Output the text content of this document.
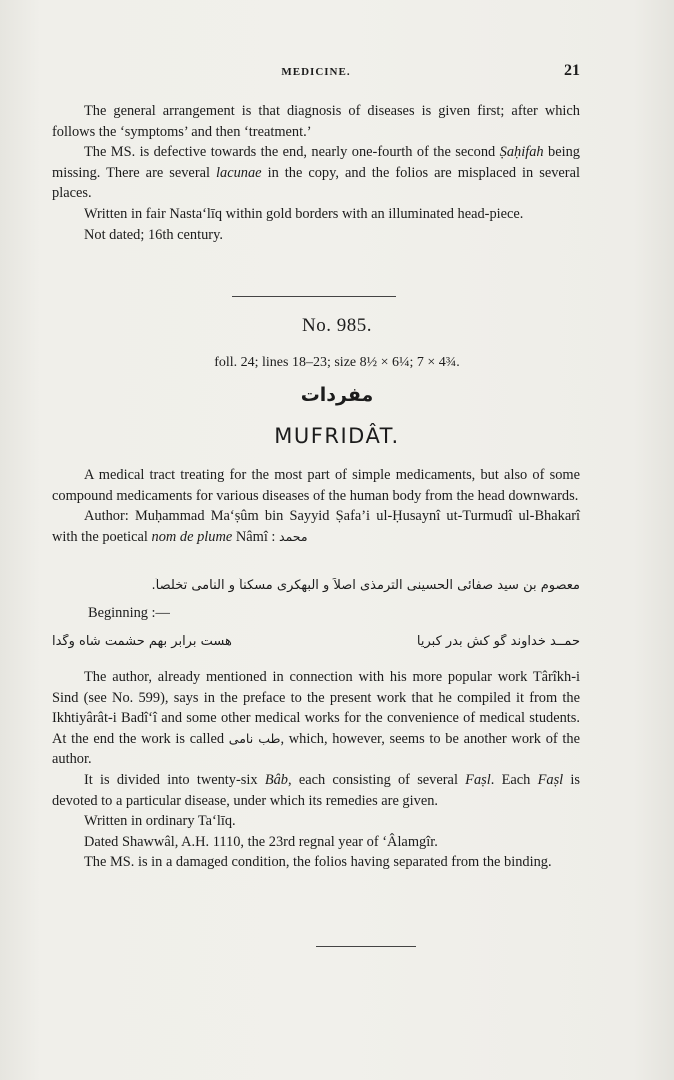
MEDICINE.	21

The general arrangement is that diagnosis of diseases is given first; after which follows the ‘symptoms’ and then ‘treatment.’

The MS. is defective towards the end, nearly one-fourth of the second Ṣaḥifah being missing. There are several lacunae in the copy, and the folios are misplaced in several places.

Written in fair Nasta‘līq within gold borders with an illuminated head-piece.

Not dated; 16th century.

No. 985.
foll. 24; lines 18–23; size 8½ × 6¼; 7 × 4¾.
مفردات
MUFRIDÂT.

A medical tract treating for the most part of simple medicaments, but also of some compound medicaments for various diseases of the human body from the head downwards.

Author: Muḥammad Ma‘ṣûm bin Sayyid Ṣafa’i ul-Ḥusaynî ut-Turmudî ul-Bhakarî with the poetical nom de plume Nâmî : محمد

معصوم بن سید صفائی الحسینی الترمذی اصلاً و البهکری مسکناً و النامی تخلصاً.
Beginning :—
حمــد خداوند گو کش بدر کبریا
هست برابر بهم حشمت شاه وگدا

The author, already mentioned in connection with his more popular work Târîkh-i Sind (see No. 599), says in the preface to the present work that he compiled it from the Ikhtiyârât-i Badî‘î and some other medical works for the convenience of medical students. At the end the work is called طب نامی, which, however, seems to be another work of the author.

It is divided into twenty-six Bâb, each consisting of several Faṣl. Each Faṣl is devoted to a particular disease, under which its remedies are given.

Written in ordinary Ta‘līq.

Dated Shawwâl, A.H. 1110, the 23rd regnal year of ‘Âlamgîr.

The MS. is in a damaged condition, the folios having separated from the binding.
